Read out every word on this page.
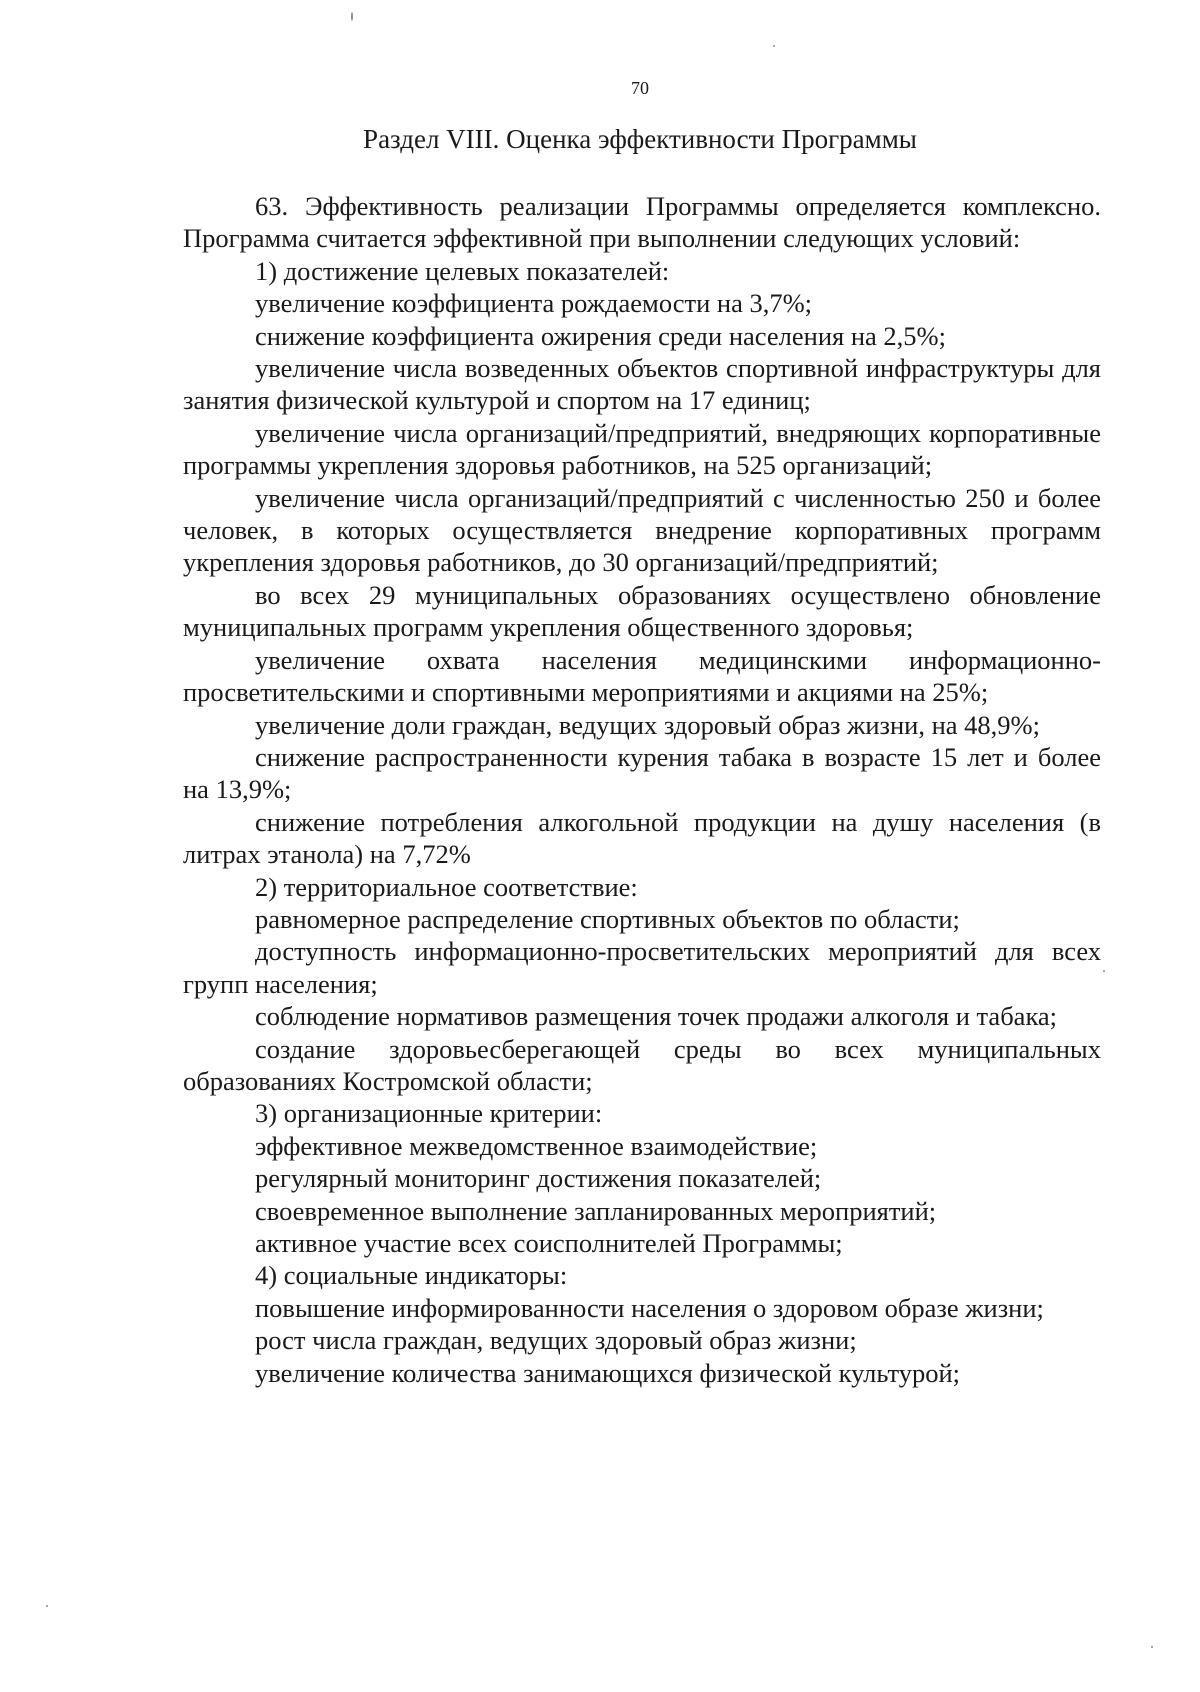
70
Раздел VIII. Оценка эффективности Программы

63. Эффективность реализации Программы определяется комплексно. Программа считается эффективной при выполнении следующих условий:

1) достижение целевых показателей:

увеличение коэффициента рождаемости на 3,7%;

снижение коэффициента ожирения среди населения на 2,5%;

увеличение числа возведенных объектов спортивной инфраструктуры для занятия физической культурой и спортом на 17 единиц;

увеличение числа организаций/предприятий, внедряющих корпоративные программы укрепления здоровья работников, на 525 организаций;

увеличение числа организаций/предприятий с численностью 250 и более человек, в которых осуществляется внедрение корпоративных программ укрепления здоровья работников, до 30 организаций/предприятий;

во всех 29 муниципальных образованиях осуществлено обновление муниципальных программ укрепления общественного здоровья;

увеличение охвата населения медицинскими информационно-просветительскими и спортивными мероприятиями и акциями на 25%;

увеличение доли граждан, ведущих здоровый образ жизни, на 48,9%;

снижение распространенности курения табака в возрасте 15 лет и более на 13,9%;

снижение потребления алкогольной продукции на душу населения (в литрах этанола) на 7,72%

2) территориальное соответствие:

равномерное распределение спортивных объектов по области;

доступность информационно-просветительских мероприятий для всех групп населения;

соблюдение нормативов размещения точек продажи алкоголя и табака;

создание здоровьесберегающей среды во всех муниципальных образованиях Костромской области;

3) организационные критерии:

эффективное межведомственное взаимодействие;

регулярный мониторинг достижения показателей;

своевременное выполнение запланированных мероприятий;

активное участие всех соисполнителей Программы;

4) социальные индикаторы:

повышение информированности населения о здоровом образе жизни;

рост числа граждан, ведущих здоровый образ жизни;

увеличение количества занимающихся физической культурой;
